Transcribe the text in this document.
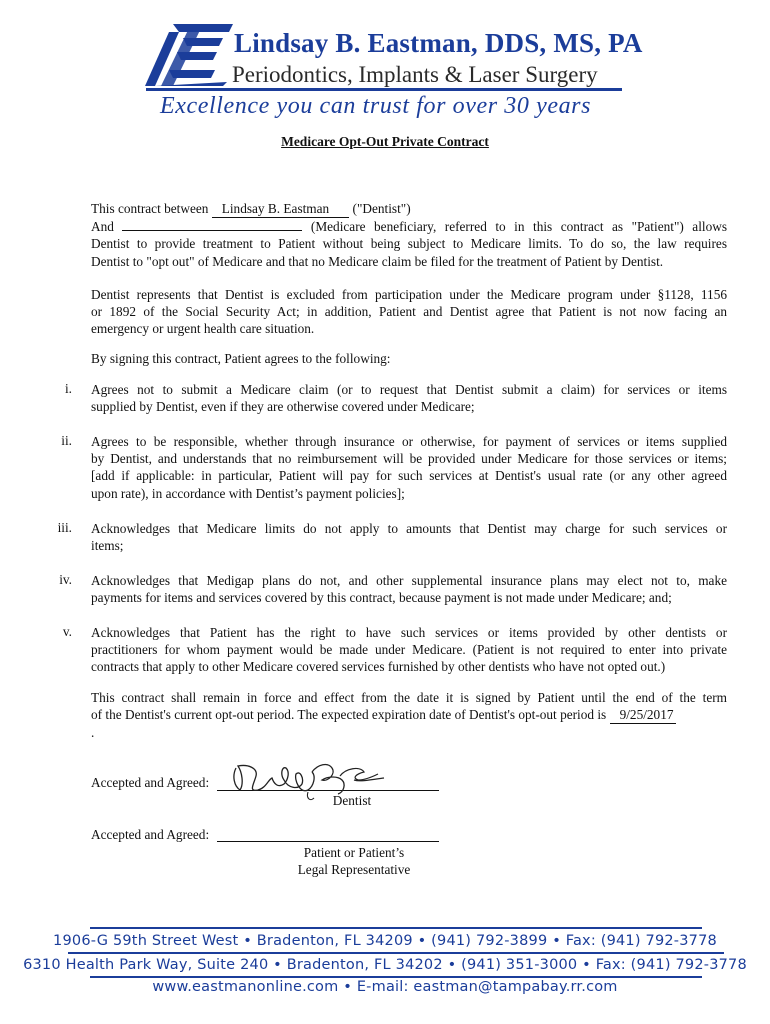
Lindsay B. Eastman, DDS, MS, PA
Periodontics, Implants & Laser Surgery
Excellence you can trust for over 30 years
Medicare Opt-Out Private Contract
This contract between Lindsay B. Eastman ("Dentist")
And	(Medicare beneficiary, referred to in this contract as "Patient") allows
Dentist to provide treatment to Patient without being subject to Medicare limits. To do so, the law requires
Dentist to "opt out" of Medicare and that no Medicare claim be filed for the treatment of Patient by Dentist.
Dentist represents that Dentist is excluded from participation under the Medicare program under §1128, 1156
or 1892 of the Social Security Act; in addition, Patient and Dentist agree that Patient is not now facing an
emergency or urgent health care situation.
By signing this contract, Patient agrees to the following:
i. Agrees not to submit a Medicare claim (or to request that Dentist submit a claim) for services or items
supplied by Dentist, even if they are otherwise covered under Medicare;
ii. Agrees to be responsible, whether through insurance or otherwise, for payment of services or items supplied
by Dentist, and understands that no reimbursement will be provided under Medicare for those services or items;
[add if applicable: in particular, Patient will pay for such services at Dentist's usual rate (or any other agreed
upon rate), in accordance with Dentist’s payment policies];
iii. Acknowledges that Medicare limits do not apply to amounts that Dentist may charge for such services or
items;
iv. Acknowledges that Medigap plans do not, and other supplemental insurance plans may elect not to, make
payments for items and services covered by this contract, because payment is not made under Medicare; and;
v. Acknowledges that Patient has the right to have such services or items provided by other dentists or
practitioners for whom payment would be made under Medicare. (Patient is not required to enter into private
contracts that apply to other Medicare covered services furnished by other dentists who have not opted out.)
This contract shall remain in force and effect from the date it is signed by Patient until the end of the term
of the Dentist's current opt-out period. The expected expiration date of Dentist's opt-out period is 9/25/2017
.
Accepted and Agreed:
Dentist
Accepted and Agreed:
Patient or Patient’s
Legal Representative
1906-G 59th Street West • Bradenton, FL 34209 • (941) 792-3899 • Fax: (941) 792-3778
6310 Health Park Way, Suite 240 • Bradenton, FL 34202 • (941) 351-3000 • Fax: (941) 792-3778
www.eastmanonline.com • E-mail: eastman@tampabay.rr.com
